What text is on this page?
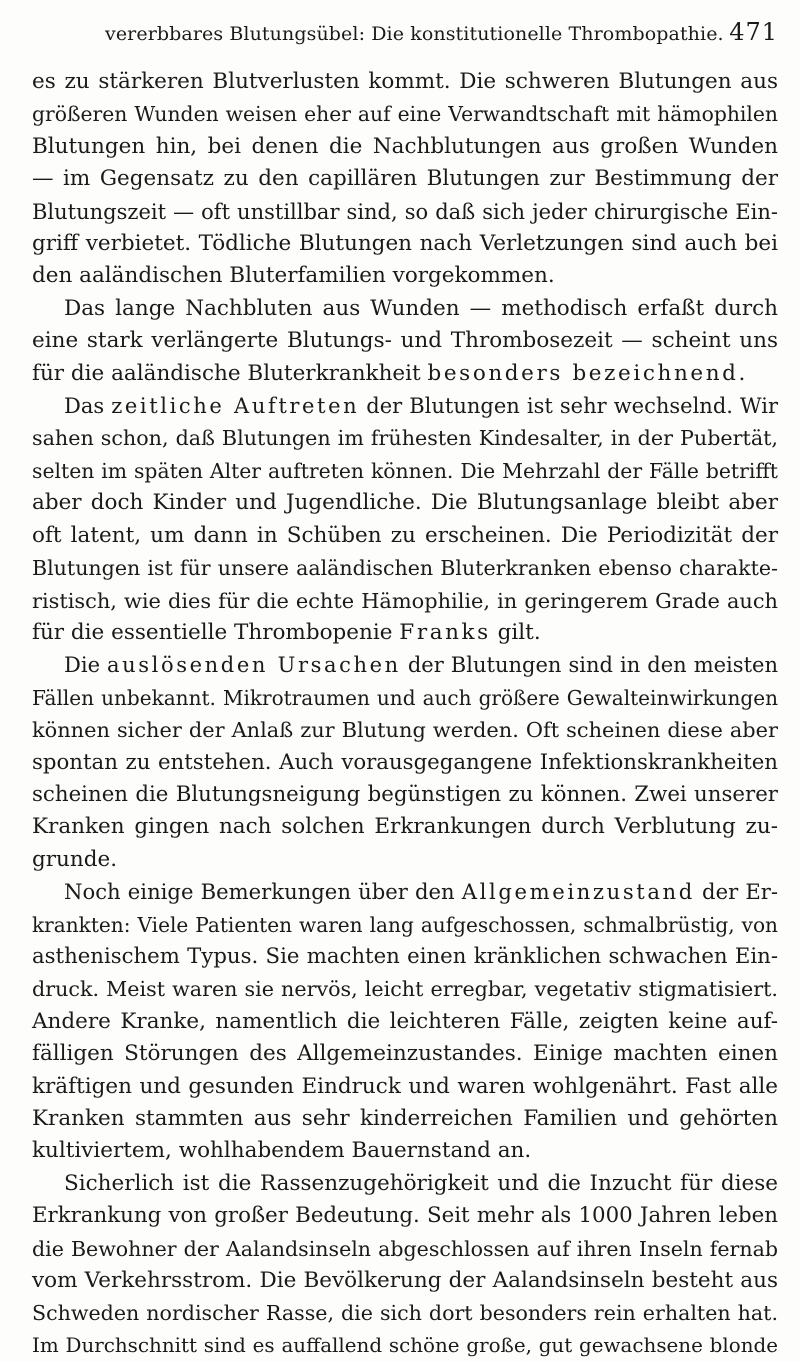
vererbbares Blutungsübel: Die konstitutionelle Thrombopathie. 471
es zu stärkeren Blutverlusten kommt. Die schweren Blutungen aus
größeren Wunden weisen eher auf eine Verwandtschaft mit hämophilen
Blutungen hin, bei denen die Nachblutungen aus großen Wunden
— im Gegensatz zu den capillären Blutungen zur Bestimmung der
Blutungszeit — oft unstillbar sind, so daß sich jeder chirurgische Ein-
griff verbietet. Tödliche Blutungen nach Verletzungen sind auch bei
den aaländischen Bluterfamilien vorgekommen.
Das lange Nachbluten aus Wunden — methodisch erfaßt durch
eine stark verlängerte Blutungs- und Thrombosezeit — scheint uns
für die aaländische Bluterkrankheit besonders bezeichnend.
Das zeitliche Auftreten der Blutungen ist sehr wechselnd. Wir
sahen schon, daß Blutungen im frühesten Kindesalter, in der Pubertät,
selten im späten Alter auftreten können. Die Mehrzahl der Fälle betrifft
aber doch Kinder und Jugendliche. Die Blutungsanlage bleibt aber
oft latent, um dann in Schüben zu erscheinen. Die Periodizität der
Blutungen ist für unsere aaländischen Bluterkranken ebenso charakte-
ristisch, wie dies für die echte Hämophilie, in geringerem Grade auch
für die essentielle Thrombopenie Franks gilt.
Die auslösenden Ursachen der Blutungen sind in den meisten
Fällen unbekannt. Mikrotraumen und auch größere Gewalteinwirkungen
können sicher der Anlaß zur Blutung werden. Oft scheinen diese aber
spontan zu entstehen. Auch vorausgegangene Infektionskrankheiten
scheinen die Blutungsneigung begünstigen zu können. Zwei unserer
Kranken gingen nach solchen Erkrankungen durch Verblutung zu-
grunde.
Noch einige Bemerkungen über den Allgemeinzustand der Er-
krankten: Viele Patienten waren lang aufgeschossen, schmalbrüstig, von
asthenischem Typus. Sie machten einen kränklichen schwachen Ein-
druck. Meist waren sie nervös, leicht erregbar, vegetativ stigmatisiert.
Andere Kranke, namentlich die leichteren Fälle, zeigten keine auf-
fälligen Störungen des Allgemeinzustandes. Einige machten einen
kräftigen und gesunden Eindruck und waren wohlgenährt. Fast alle
Kranken stammten aus sehr kinderreichen Familien und gehörten
kultiviertem, wohlhabendem Bauernstand an.
Sicherlich ist die Rassenzugehörigkeit und die Inzucht für diese
Erkrankung von großer Bedeutung. Seit mehr als 1000 Jahren leben
die Bewohner der Aalandsinseln abgeschlossen auf ihren Inseln fernab
vom Verkehrsstrom. Die Bevölkerung der Aalandsinseln besteht aus
Schweden nordischer Rasse, die sich dort besonders rein erhalten hat.
Im Durchschnitt sind es auffallend schöne große, gut gewachsene blonde
